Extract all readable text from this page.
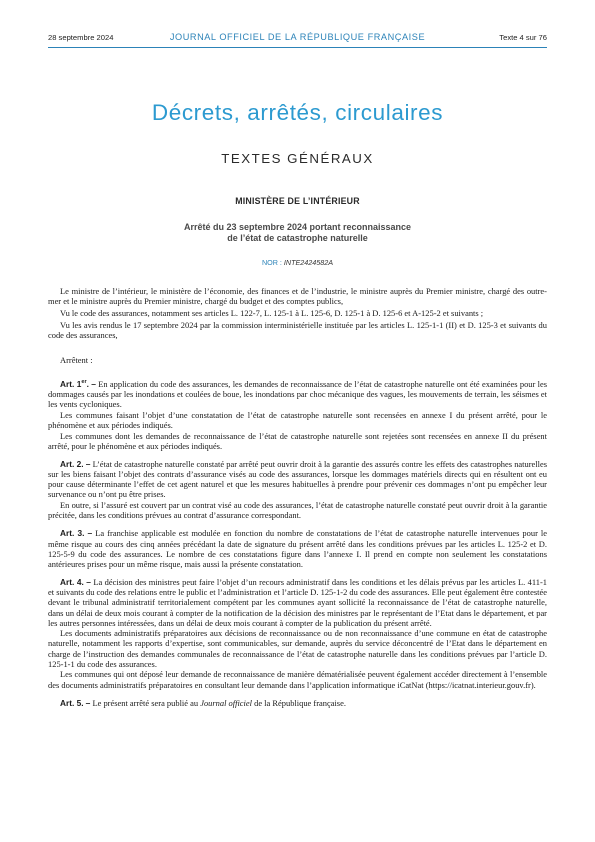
28 septembre 2024	JOURNAL OFFICIEL DE LA RÉPUBLIQUE FRANÇAISE	Texte 4 sur 76
Décrets, arrêtés, circulaires
TEXTES GÉNÉRAUX
MINISTÈRE DE L’INTÉRIEUR
Arrêté du 23 septembre 2024 portant reconnaissance
de l’état de catastrophe naturelle
NOR : INTE2424582A

Le ministre de l’intérieur, le ministère de l’économie, des finances et de l’industrie, le ministre auprès du Premier ministre, chargé des outre-mer et le ministre auprès du Premier ministre, chargé du budget et des comptes publics,

Vu le code des assurances, notamment ses articles L. 122-7, L. 125-1 à L. 125-6, D. 125-1 à D. 125-6 et A-125-2 et suivants ;

Vu les avis rendus le 17 septembre 2024 par la commission interministérielle instituée par les articles L. 125-1-1 (II) et D. 125-3 et suivants du code des assurances,

Arrêtent :

Art. 1er. – En application du code des assurances, les demandes de reconnaissance de l’état de catastrophe naturelle ont été examinées pour les dommages causés par les inondations et coulées de boue, les inondations par choc mécanique des vagues, les mouvements de terrain, les séismes et les vents cycloniques.

Les communes faisant l’objet d’une constatation de l’état de catastrophe naturelle sont recensées en annexe I du présent arrêté, pour le phénomène et aux périodes indiqués.

Les communes dont les demandes de reconnaissance de l’état de catastrophe naturelle sont rejetées sont recensées en annexe II du présent arrêté, pour le phénomène et aux périodes indiqués.

Art. 2. – L’état de catastrophe naturelle constaté par arrêté peut ouvrir droit à la garantie des assurés contre les effets des catastrophes naturelles sur les biens faisant l’objet des contrats d’assurance visés au code des assurances, lorsque les dommages matériels directs qui en résultent ont eu pour cause déterminante l’effet de cet agent naturel et que les mesures habituelles à prendre pour prévenir ces dommages n’ont pu empêcher leur survenance ou n’ont pu être prises.

En outre, si l’assuré est couvert par un contrat visé au code des assurances, l’état de catastrophe naturelle constaté peut ouvrir droit à la garantie précitée, dans les conditions prévues au contrat d’assurance correspondant.

Art. 3. – La franchise applicable est modulée en fonction du nombre de constatations de l’état de catastrophe naturelle intervenues pour le même risque au cours des cinq années précédant la date de signature du présent arrêté dans les conditions prévues par les articles L. 125-2 et D. 125-5-9 du code des assurances. Le nombre de ces constatations figure dans l’annexe I. Il prend en compte non seulement les constatations antérieures prises pour un même risque, mais aussi la présente constatation.

Art. 4. – La décision des ministres peut faire l’objet d’un recours administratif dans les conditions et les délais prévus par les articles L. 411-1 et suivants du code des relations entre le public et l’administration et l’article D. 125-1-2 du code des assurances. Elle peut également être contestée devant le tribunal administratif territorialement compétent par les communes ayant sollicité la reconnaissance de l’état de catastrophe naturelle, dans un délai de deux mois courant à compter de la notification de la décision des ministres par le représentant de l’Etat dans le département, et par les autres personnes intéressées, dans un délai de deux mois courant à compter de la publication du présent arrêté.

Les documents administratifs préparatoires aux décisions de reconnaissance ou de non reconnaissance d’une commune en état de catastrophe naturelle, notamment les rapports d’expertise, sont communicables, sur demande, auprès du service déconcentré de l’Etat dans le département en charge de l’instruction des demandes communales de reconnaissance de l’état de catastrophe naturelle dans les conditions prévues par l’article D. 125-1-1 du code des assurances.

Les communes qui ont déposé leur demande de reconnaissance de manière dématérialisée peuvent également accéder directement à l’ensemble des documents administratifs préparatoires en consultant leur demande dans l’application informatique iCatNat (https://icatnat.interieur.gouv.fr).

Art. 5. – Le présent arrêté sera publié au Journal officiel de la République française.
